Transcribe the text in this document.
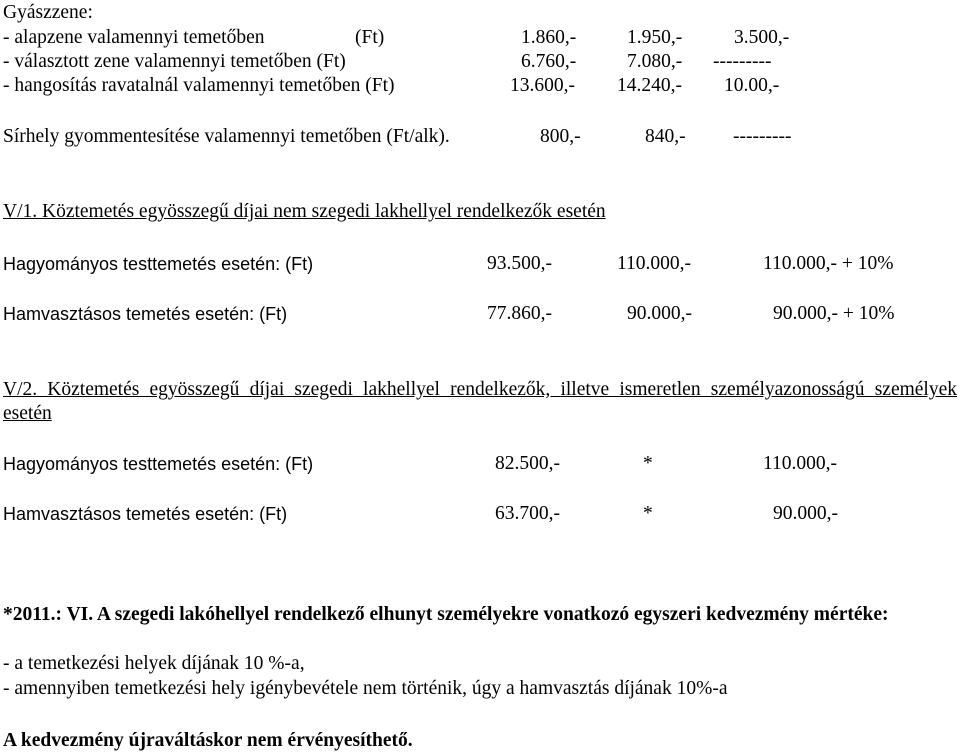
Gyászzene:
- alapzene valamennyi temetőben	(Ft)	1.860,-	1.950,-	3.500,-
- választott zene valamennyi temetőben (Ft)	6.760,-	7.080,- ---------
- hangosítás ravatalnál valamennyi temetőben (Ft)	13.600,- 14.240,- 10.00,-
Sírhely gyommentesítése valamennyi temetőben (Ft/alk).	800,-	840,- ---------
V/1. Köztemetés egyösszegű díjai nem szegedi lakhellyel rendelkezők esetén
Hagyományos testtemetés esetén: (Ft)	93.500,-	110.000,-	110.000,- + 10%
Hamvasztásos temetés esetén: (Ft)	77.860,-	90.000,-	90.000,- + 10%
V/2. Köztemetés egyösszegű díjai szegedi lakhellyel rendelkezők, illetve ismeretlen személyazonosságú személyek esetén
Hagyományos testtemetés esetén: (Ft)	82.500,-	*	110.000,-
Hamvasztásos temetés esetén: (Ft)	63.700,-	*	90.000,-
*2011.: VI. A szegedi lakóhellyel rendelkező elhunyt személyekre vonatkozó egyszeri kedvezmény mértéke:
- a temetkezési helyek díjának 10 %-a,
- amennyiben temetkezési hely igénybevétele nem történik, úgy a hamvasztás díjának 10%-a
A kedvezmény újraváltáskor nem érvényesíthető.
